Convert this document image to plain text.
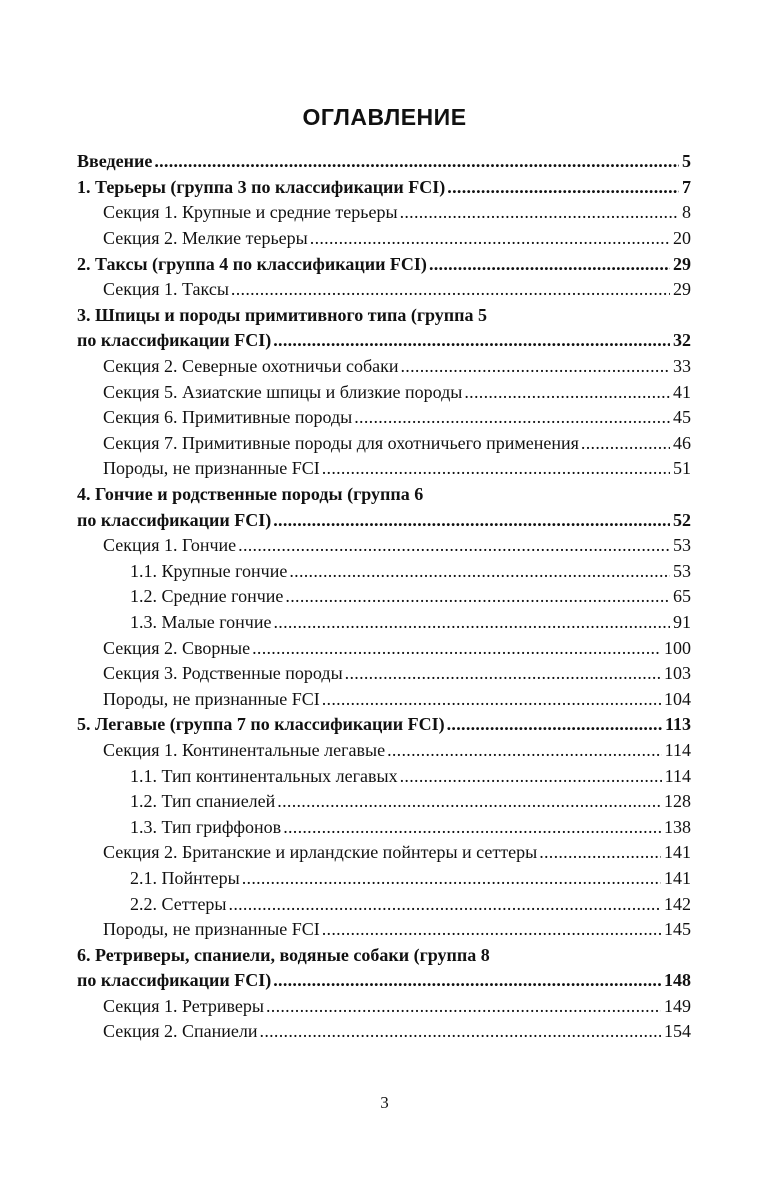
ОГЛАВЛЕНИЕ
Введение .....	5
1. Терьеры (группа 3 по классификации FCI) .....	7
Секция 1. Крупные и средние терьеры .....	8
Секция 2. Мелкие терьеры .....	20
2. Таксы (группа 4 по классификации FCI) .....	29
Секция 1. Таксы .....	29
3. Шпицы и породы примитивного типа (группа 5
по классификации FCI) .....	32
Секция 2. Северные охотничьи собаки .....	33
Секция 5. Азиатские шпицы и близкие породы .....	41
Секция 6. Примитивные породы .....	45
Секция 7. Примитивные породы для охотничьего применения .....	46
Породы, не признанные FCI .....	51
4. Гончие и родственные породы (группа 6
по классификации FCI) .....	52
Секция 1. Гончие .....	53
1.1. Крупные гончие .....	53
1.2. Средние гончие .....	65
1.3. Малые гончие .....	91
Секция 2. Сворные .....	100
Секция 3. Родственные породы .....	103
Породы, не признанные FCI .....	104
5. Легавые (группа 7 по классификации FCI) .....	113
Секция 1. Континентальные легавые .....	114
1.1. Тип континентальных легавых .....	114
1.2. Тип спаниелей .....	128
1.3. Тип гриффонов .....	138
Секция 2. Британские и ирландские пойнтеры и сеттеры .....	141
2.1. Пойнтеры .....	141
2.2. Сеттеры .....	142
Породы, не признанные FCI .....	145
6. Ретриверы, спаниели, водяные собаки (группа 8
по классификации FCI) .....	148
Секция 1. Ретриверы .....	149
Секция 2. Спаниели .....	154
3
